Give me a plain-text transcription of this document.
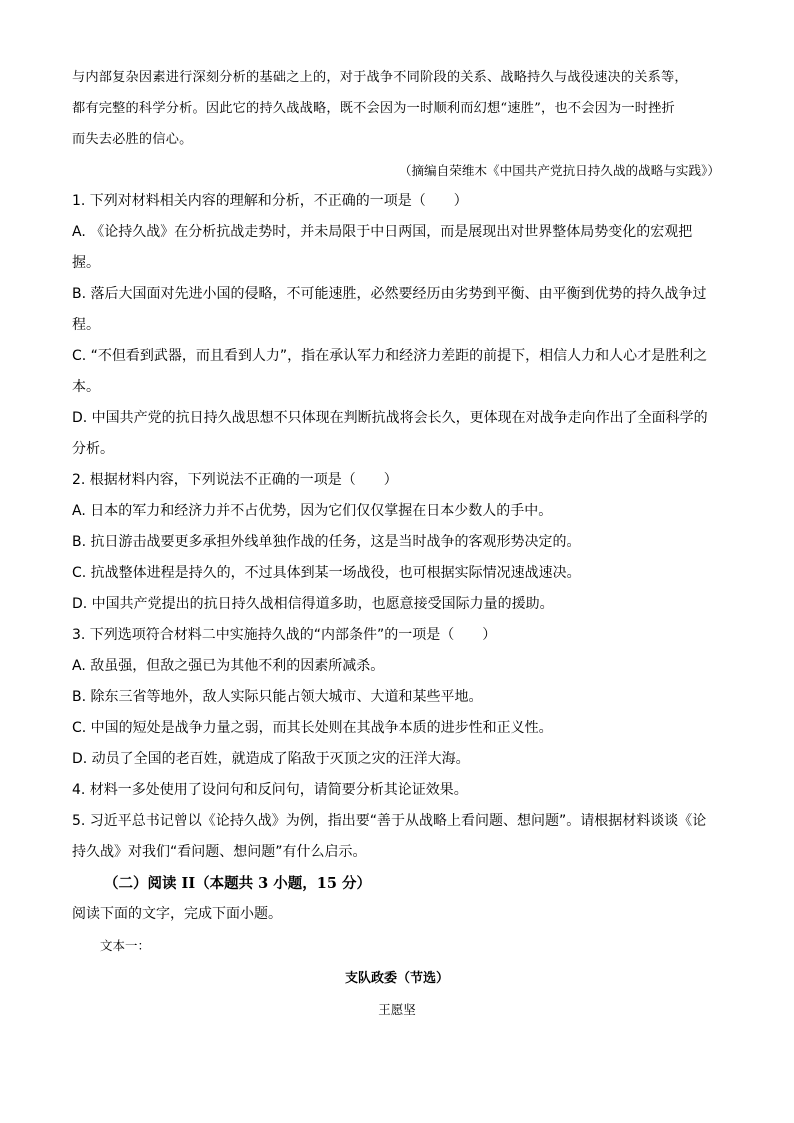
与内部复杂因素进行深刻分析的基础之上的，对于战争不同阶段的关系、战略持久与战役速决的关系等，

都有完整的科学分析。因此它的持久战战略，既不会因为一时顺利而幻想“速胜”，也不会因为一时挫折

而失去必胜的信心。

（摘编自荣维木《中国共产党抗日持久战的战略与实践》）

1. 下列对材料相关内容的理解和分析，不正确的一项是（　　）

A. 《论持久战》在分析抗战走势时，并未局限于中日两国，而是展现出对世界整体局势变化的宏观把

握。

B. 落后大国面对先进小国的侵略，不可能速胜，必然要经历由劣势到平衡、由平衡到优势的持久战争过

程。

C. “不但看到武器，而且看到人力”，指在承认军力和经济力差距的前提下，相信人力和人心才是胜利之

本。

D. 中国共产党的抗日持久战思想不只体现在判断抗战将会长久，更体现在对战争走向作出了全面科学的

分析。

2. 根据材料内容，下列说法不正确的一项是（　　）

A. 日本的军力和经济力并不占优势，因为它们仅仅掌握在日本少数人的手中。

B. 抗日游击战要更多承担外线单独作战的任务，这是当时战争的客观形势决定的。

C. 抗战整体进程是持久的，不过具体到某一场战役，也可根据实际情况速战速决。

D. 中国共产党提出的抗日持久战相信得道多助，也愿意接受国际力量的援助。

3. 下列选项符合材料二中实施持久战的“内部条件”的一项是（　　）

A. 敌虽强，但敌之强已为其他不利的因素所减杀。

B. 除东三省等地外，敌人实际只能占领大城市、大道和某些平地。

C. 中国的短处是战争力量之弱，而其长处则在其战争本质的进步性和正义性。

D. 动员了全国的老百姓，就造成了陷敌于灭顶之灾的汪洋大海。

4. 材料一多处使用了设问句和反问句，请简要分析其论证效果。

5. 习近平总书记曾以《论持久战》为例，指出要“善于从战略上看问题、想问题”。请根据材料谈谈《论

持久战》对我们“看问题、想问题”有什么启示。

（二）阅读 II（本题共 3 小题，15 分）

阅读下面的文字，完成下面小题。

文本一：

支队政委（节选）

王愿坚
